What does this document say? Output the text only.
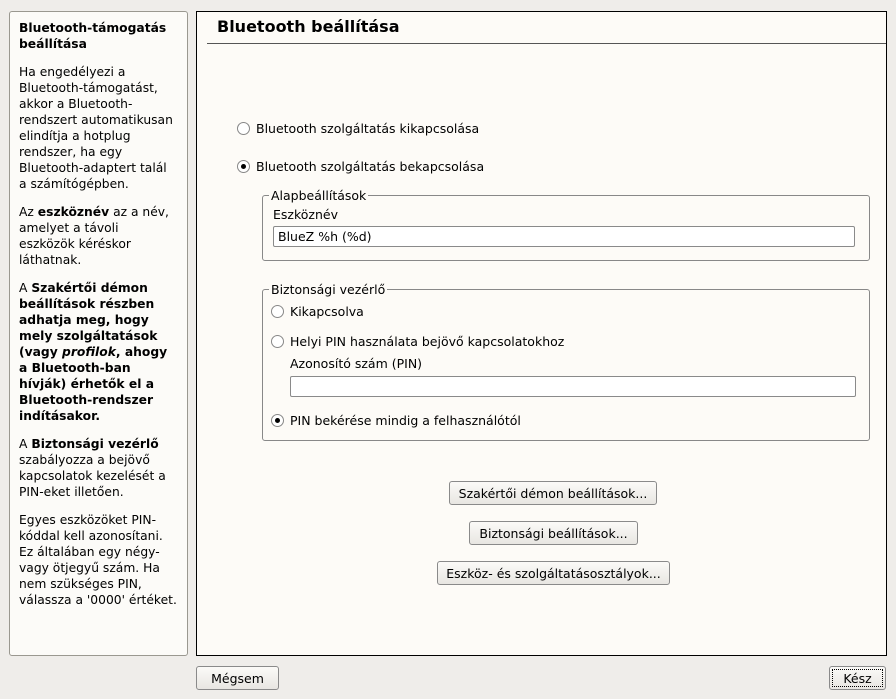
Bluetooth-támogatás beállítása

Ha engedélyezi a Bluetooth-támogatást, akkor a Bluetooth-rendszert automatikusan elindítja a hotplug rendszer, ha egy Bluetooth-adaptert talál a számítógépben.

Az eszköznév az a név, amelyet a távoli eszközök kéréskor láthatnak.

A Szakértői démon beállítások részben adhatja meg, hogy mely szolgáltatások (vagy profilok, ahogy a Bluetooth-ban hívják) érhetők el a Bluetooth-rendszer indításakor.

A Biztonsági vezérlő szabályozza a bejövő kapcsolatok kezelését a PIN-eket illetően.

Egyes eszközöket PIN-kóddal kell azonosítani. Ez általában egy négy- vagy ötjegyű szám. Ha nem szükséges PIN, válassza a '0000' értéket.

Bluetooth beállítása
Bluetooth szolgáltatás kikapcsolása
Bluetooth szolgáltatás bekapcsolása
Alapbeállítások
Eszköznév
BlueZ %h (%d)
Biztonsági vezérlő
Kikapcsolva
Helyi PIN használata bejövő kapcsolatokhoz
Azonosító szám (PIN)
PIN bekérése mindig a felhasználótól
Szakértői démon beállítások...
Biztonsági beállítások...
Eszköz- és szolgáltatásosztályok...
Mégsem	Kész
